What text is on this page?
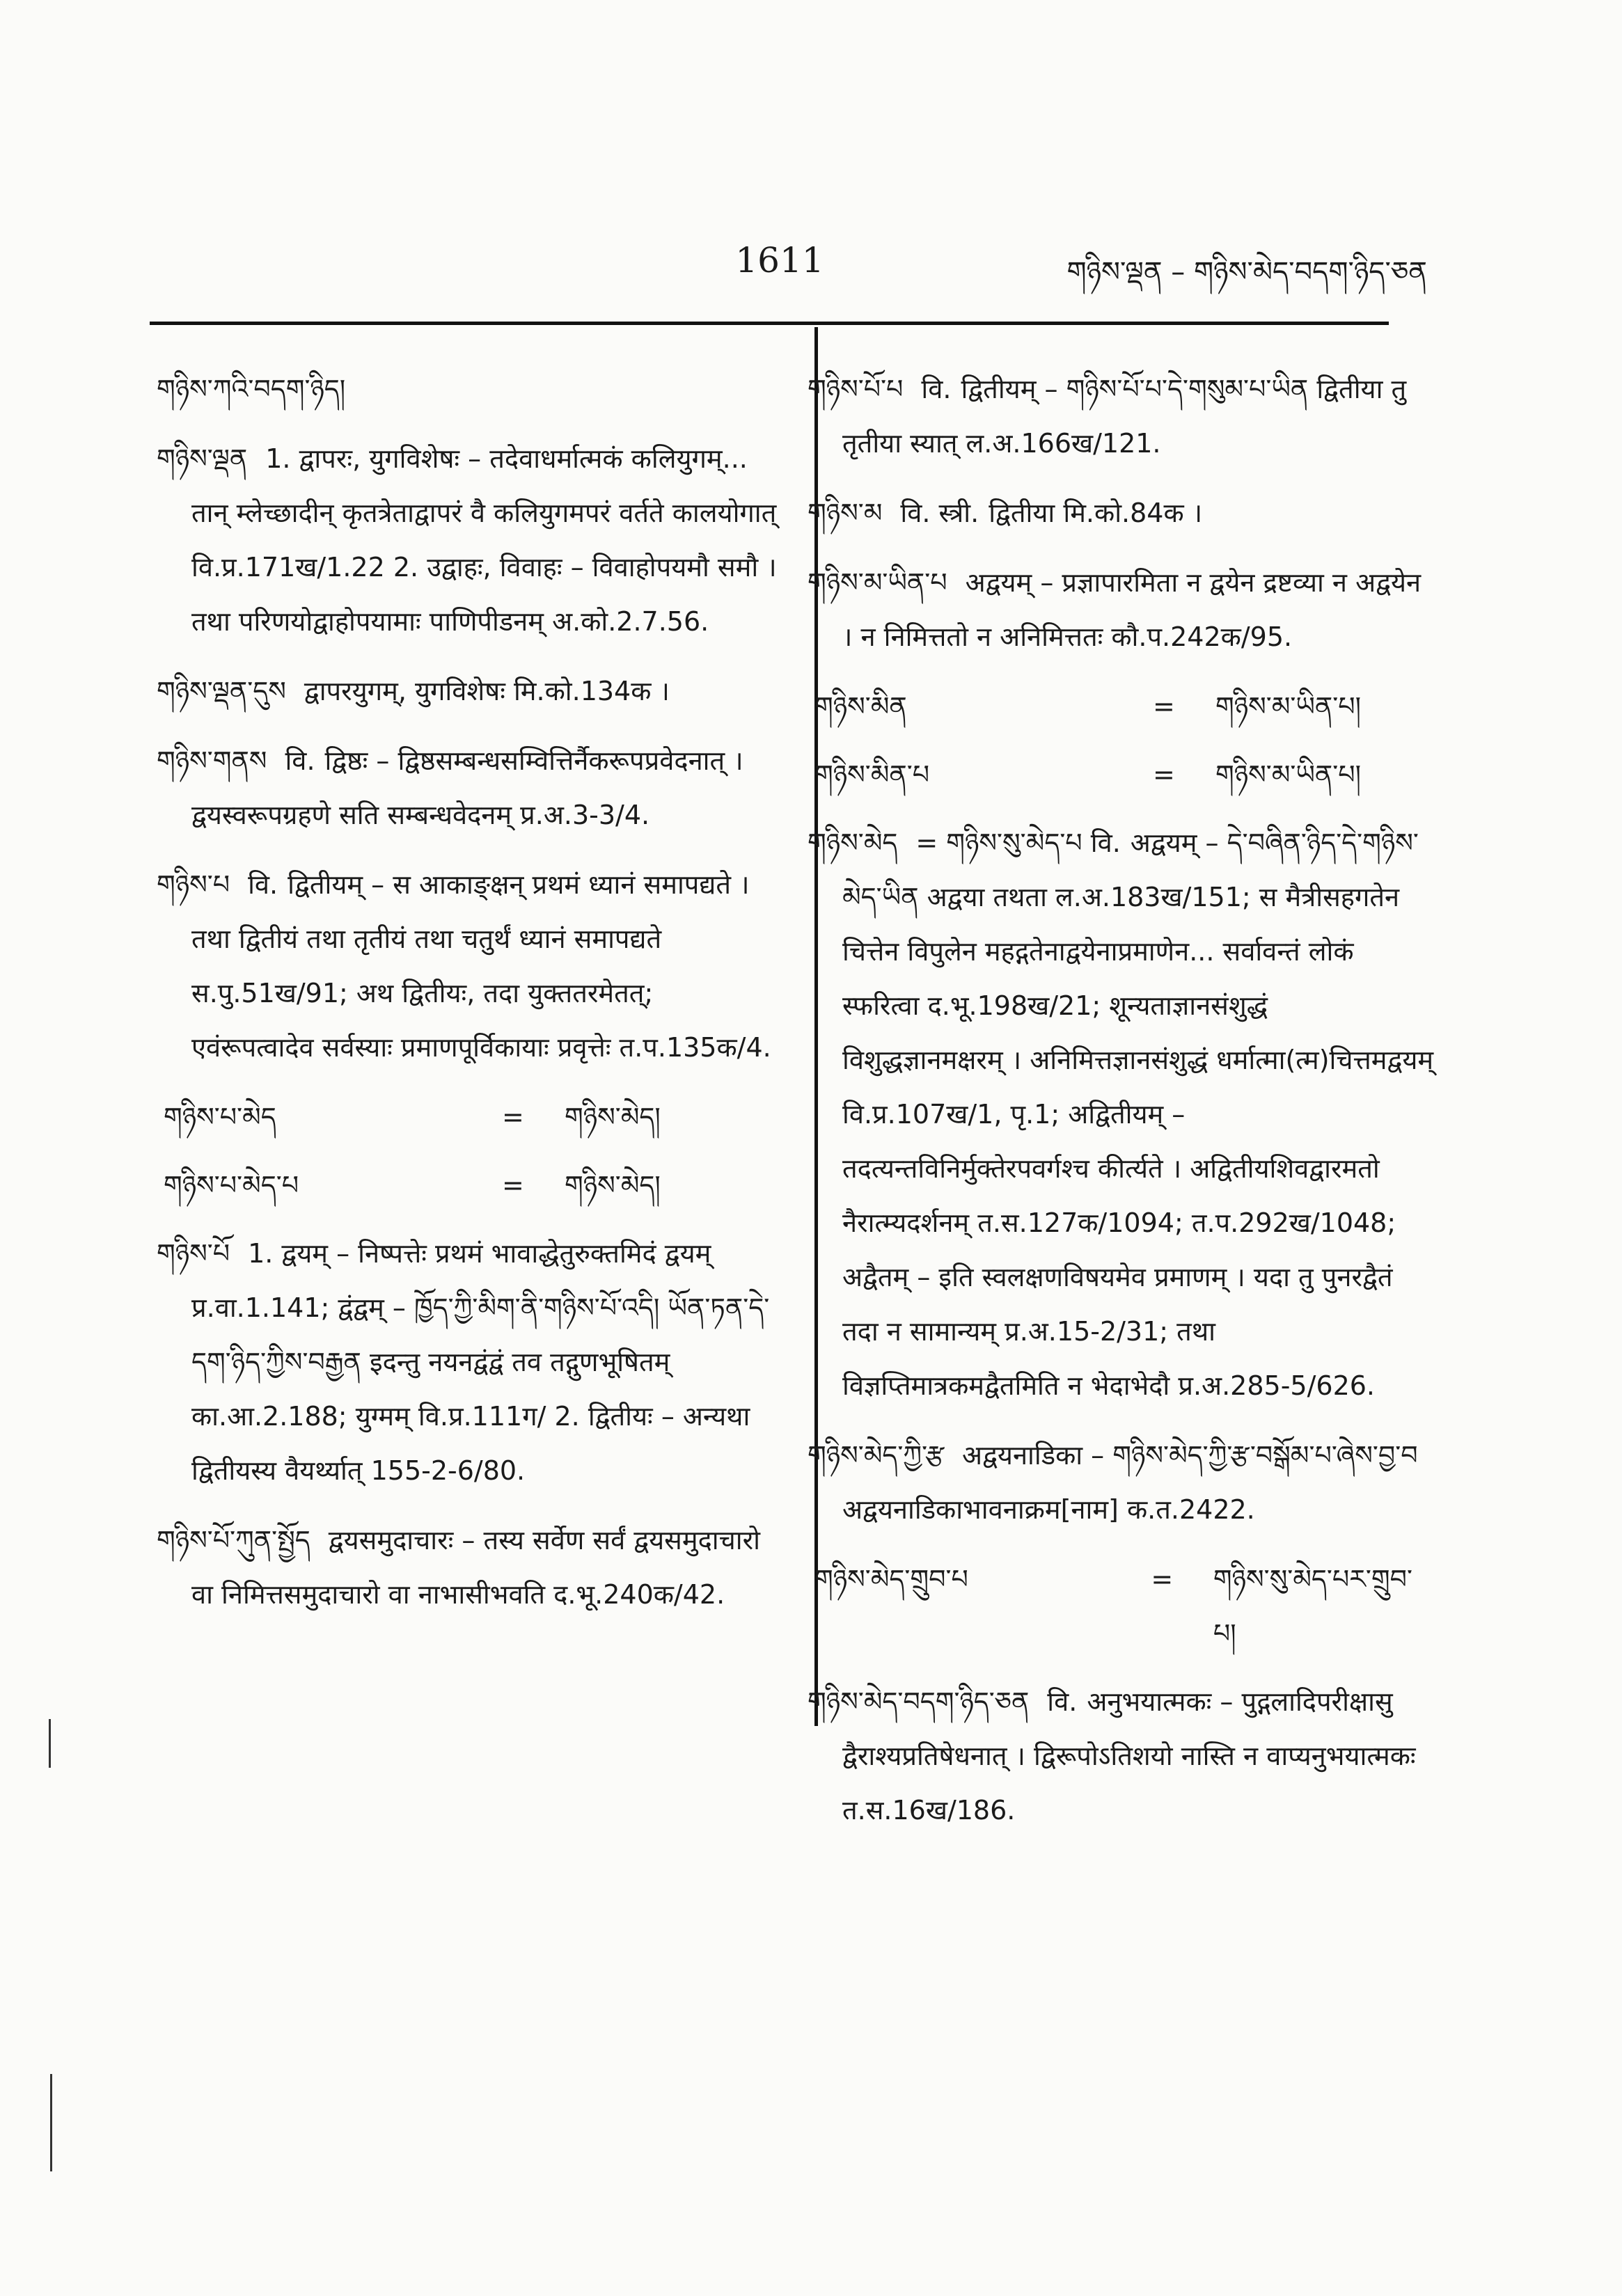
1611	གཉིས་ལྡན – གཉིས་མེད་བདག་ཉིད་ཅན
གཉིས་ཀའི་བདག་ཉིད།
གཉིས་ལྡན 1. द्वापरः, युगविशेषः – तदेवाधर्मात्मकं कलियुगम्... तान् म्लेच्छादीन् कृतत्रेताद्वापरं वै कलियुगमपरं वर्तते कालयोगात् वि.प्र.171ख/1.22 2. उद्वाहः, विवाहः – विवाहोपयमौ समौ । तथा परिणयोद्वाहोपयामाः पाणिपीडनम् अ.को.2.7.56.
གཉིས་ལྡན་དུས द्वापरयुगम्, युगविशेषः मि.को.134क ।
གཉིས་གནས वि. द्विष्ठः – द्विष्ठसम्बन्धसम्वित्तिर्नैकरूपप्रवेदनात् । द्वयस्वरूपग्रहणे सति सम्बन्धवेदनम् प्र.अ.3-3/4.
གཉིས་པ वि. द्वितीयम् – स आकाङ्क्षन् प्रथमं ध्यानं समापद्यते । तथा द्वितीयं तथा तृतीयं तथा चतुर्थं ध्यानं समापद्यते स.पु.51ख/91; अथ द्वितीयः, तदा युक्ततरमेतत्; एवंरूपत्वादेव सर्वस्याः प्रमाणपूर्विकायाः प्रवृत्तेः त.प.135क/4.
གཉིས་པ་མེད	=	གཉིས་མེད།
གཉིས་པ་མེད་པ	=	གཉིས་མེད།
གཉིས་པོ 1. द्वयम् – निष्पत्तेः प्रथमं भावाद्धेतुरुक्तमिदं द्वयम् प्र.वा.1.141; द्वंद्वम् – ཁྱོད་ཀྱི་མིག་ནི་གཉིས་པོ་འདི། ཡོན་ཏན་དེ་དག་ཉིད་ཀྱིས་བརྒྱན इदन्तु नयनद्वंद्वं तव तद्गुणभूषितम् का.आ.2.188; युग्मम् वि.प्र.111ग/ 2. द्वितीयः – अन्यथा द्वितीयस्य वैयर्थ्यात् 155-2-6/80.
གཉིས་པོ་ཀུན་སྤྱོད द्वयसमुदाचारः – तस्य सर्वेण सर्वं द्वयसमुदाचारो वा निमित्तसमुदाचारो वा नाभासीभवति द.भू.240क/42.
གཉིས་པོ་པ वि. द्वितीयम् – གཉིས་པོ་པ་དེ་གསུམ་པ་ཡིན द्वितीया तु तृतीया स्यात् ल.अ.166ख/121.
གཉིས་མ वि. स्त्री. द्वितीया मि.को.84क ।
གཉིས་མ་ཡིན་པ अद्वयम् – प्रज्ञापारमिता न द्वयेन द्रष्टव्या न अद्वयेन । न निमित्ततो न अनिमित्ततः कौ.प.242क/95.
གཉིས་མིན	=	གཉིས་མ་ཡིན་པ།
གཉིས་མིན་པ	=	གཉིས་མ་ཡིན་པ།
གཉིས་མེད = གཉིས་སུ་མེད་པ वि. अद्वयम् – དེ་བཞིན་ཉིད་དེ་གཉིས་མེད་ཡིན अद्वया तथता ल.अ.183ख/151; स मैत्रीसहगतेन चित्तेन विपुलेन महद्गतेनाद्वयेनाप्रमाणेन... सर्वावन्तं लोकं स्फरित्वा द.भू.198ख/21; शून्यताज्ञानसंशुद्धं विशुद्धज्ञानमक्षरम् । अनिमित्तज्ञानसंशुद्धं धर्मात्मा(त्म)चित्तमद्वयम् वि.प्र.107ख/1, पृ.1; अद्वितीयम् – तदत्यन्तविनिर्मुक्तेरपवर्गश्च कीर्त्यते । अद्वितीयशिवद्वारमतो नैरात्म्यदर्शनम् त.स.127क/1094; त.प.292ख/1048; अद्वैतम् – इति स्वलक्षणविषयमेव प्रमाणम् । यदा तु पुनरद्वैतं तदा न सामान्यम् प्र.अ.15-2/31; तथा विज्ञप्तिमात्रकमद्वैतमिति न भेदाभेदौ प्र.अ.285-5/626.
གཉིས་མེད་ཀྱི་རྩ अद्वयनाडिका – གཉིས་མེད་ཀྱི་རྩ་བསྒོམ་པ་ཞེས་བྱ་བ अद्वयनाडिकाभावनाक्रम[नाम] क.त.2422.
གཉིས་མེད་གྲུབ་པ	=	གཉིས་སུ་མེད་པར་གྲུབ་པ།
གཉིས་མེད་བདག་ཉིད་ཅན वि. अनुभयात्मकः – पुद्गलादिपरीक्षासु द्वैराश्यप्रतिषेधनात् । द्विरूपोऽतिशयो नास्ति न वाप्यनुभयात्मकः त.स.16ख/186.
